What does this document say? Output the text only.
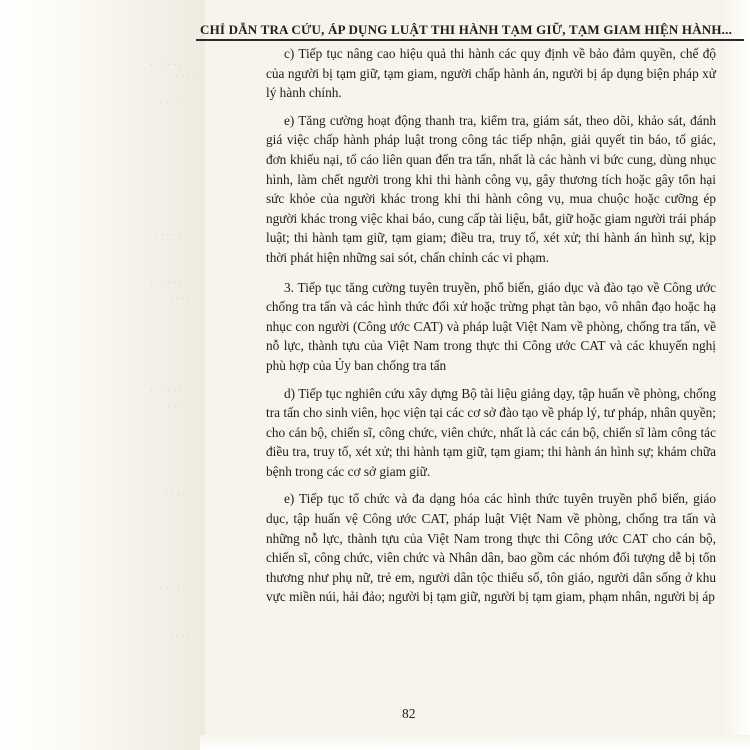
. . . . . .
. . . .
. . . . .
. . . . .
. . . . . .
. . . .
. . . . . .
. . . .
. . . .
. . . . .
. . . .
CHỈ DẪN TRA CỨU, ÁP DỤNG LUẬT THI HÀNH TẠM GIỮ, TẠM GIAM HIỆN HÀNH...

c) Tiếp tục nâng cao hiệu quả thi hành các quy định về bảo đảm quyền, chế độ của người bị tạm giữ, tạm giam, người chấp hành án, người bị áp dụng biện pháp xử lý hành chính.

e) Tăng cường hoạt động thanh tra, kiểm tra, giám sát, theo dõi, khảo sát, đánh giá việc chấp hành pháp luật trong công tác tiếp nhận, giải quyết tin báo, tố giác, đơn khiếu nại, tố cáo liên quan đến tra tấn, nhất là các hành vi bức cung, dùng nhục hình, làm chết người trong khi thi hành công vụ, gây thương tích hoặc gây tổn hại sức khỏe của người khác trong khi thi hành công vụ, mua chuộc hoặc cưỡng ép người khác trong việc khai báo, cung cấp tài liệu, bắt, giữ hoặc giam người trái pháp luật; thi hành tạm giữ, tạm giam; điều tra, truy tố, xét xử; thi hành án hình sự, kịp thời phát hiện những sai sót, chấn chỉnh các vi phạm.

3. Tiếp tục tăng cường tuyên truyền, phổ biến, giáo dục và đào tạo về Công ước chống tra tấn và các hình thức đối xử hoặc trừng phạt tàn bạo, vô nhân đạo hoặc hạ nhục con người (Công ước CAT) và pháp luật Việt Nam về phòng, chống tra tấn, về nỗ lực, thành tựu của Việt Nam trong thực thi Công ước CAT và các khuyến nghị phù hợp của Ủy ban chống tra tấn

d) Tiếp tục nghiên cứu xây dựng Bộ tài liệu giảng dạy, tập huấn về phòng, chống tra tấn cho sinh viên, học viện tại các cơ sở đào tạo về pháp lý, tư pháp, nhân quyền; cho cán bộ, chiến sĩ, công chức, viên chức, nhất là các cán bộ, chiến sĩ làm công tác điều tra, truy tố, xét xử; thi hành tạm giữ, tạm giam; thi hành án hình sự; khám chữa bệnh trong các cơ sở giam giữ.

e) Tiếp tục tổ chức và đa dạng hóa các hình thức tuyên truyền phổ biến, giáo dục, tập huấn vệ Công ước CAT, pháp luật Việt Nam về phòng, chống tra tấn và những nỗ lực, thành tựu của Việt Nam trong thực thi Công ước CAT cho cán bộ, chiến sĩ, công chức, viên chức và Nhân dân, bao gồm các nhóm đối tượng dễ bị tổn thương như phụ nữ, trẻ em, người dân tộc thiểu số, tôn giáo, người dân sống ở khu vực miền núi, hải đảo; người bị tạm giữ, người bị tạm giam, phạm nhân, người bị áp

82
